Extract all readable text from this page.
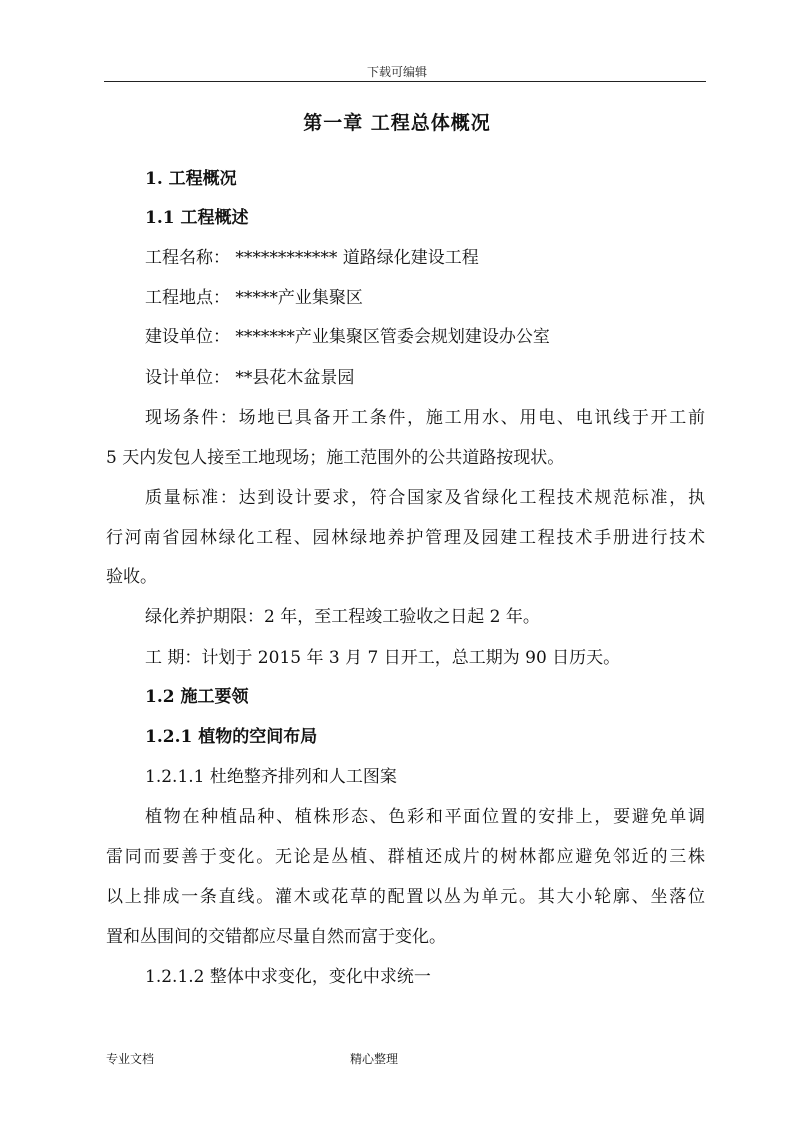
下载可编辑
第一章 工程总体概况
1. 工程概况
1.1 工程概述
工程名称： ************ 道路绿化建设工程
工程地点： *****产业集聚区
建设单位： *******产业集聚区管委会规划建设办公室
设计单位： **县花木盆景园
现场条件：场地已具备开工条件，施工用水、用电、电讯线于开工前
5 天内发包人接至工地现场；施工范围外的公共道路按现状。
质量标准：达到设计要求，符合国家及省绿化工程技术规范标准，执
行河南省园林绿化工程、园林绿地养护管理及园建工程技术手册进行技术
验收。
绿化养护期限：2 年，至工程竣工验收之日起 2 年。
工 期：计划于 2015 年 3 月 7 日开工，总工期为 90 日历天。
1.2 施工要领
1.2.1 植物的空间布局
1.2.1.1 杜绝整齐排列和人工图案
植物在种植品种、植株形态、色彩和平面位置的安排上，要避免单调
雷同而要善于变化。无论是丛植、群植还成片的树林都应避免邻近的三株
以上排成一条直线。灌木或花草的配置以丛为单元。其大小轮廓、坐落位
置和丛围间的交错都应尽量自然而富于变化。
1.2.1.2 整体中求变化，变化中求统一
专业文档	精心整理
